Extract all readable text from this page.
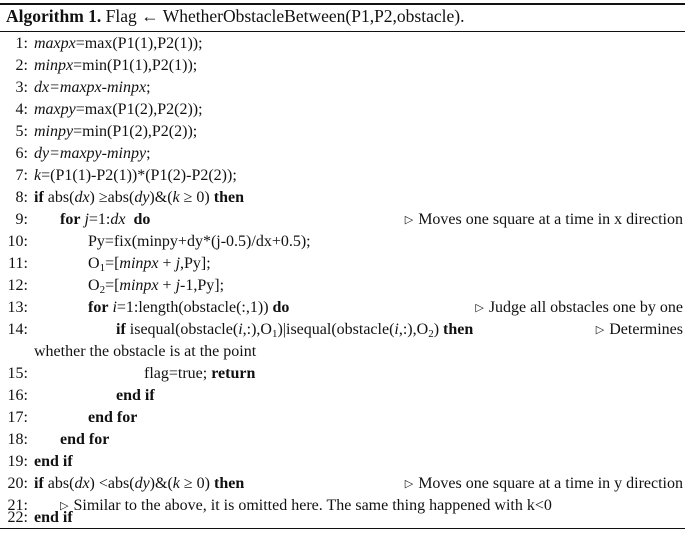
Algorithm 1. Flag ← WhetherObstacleBetween(P1,P2,obstacle).
1: maxpx=max(P1(1),P2(1));
2: minpx=min(P1(1),P2(1));
3: dx=maxpx-minpx;
4: maxpy=max(P1(2),P2(2));
5: minpy=min(P1(2),P2(2));
6: dy=maxpy-minpy;
7: k=(P1(1)-P2(1))*(P1(2)-P2(2));
8: if abs(dx) ≥abs(dy)&(k ≥ 0) then
9: for j=1:dx do	▷ Moves one square at a time in x direction
10:	Py=fix(minpy+dy*(j-0.5)/dx+0.5);
11:	$O_1=[minpx + j,Py]$;
12:	$O_2=[minpx + j-1,Py]$;
13:	for i=1:length(obstacle(:,1)) do	▷ Judge all obstacles one by one
14:	if $isequal(obstacle(i,:),O_1)|isequal(obstacle(i,:),O_2)$ then	▷ Determines
whether the obstacle is at the point
15:	flag=true; return
16:	end if
17:	end for
18: end for
19: end if
20: if abs(dx) <abs(dy)&(k ≥ 0) then	▷ Moves one square at a time in y direction
21:	▷ Similar to the above, it is omitted here. The same thing happened with k<0
22: end if
